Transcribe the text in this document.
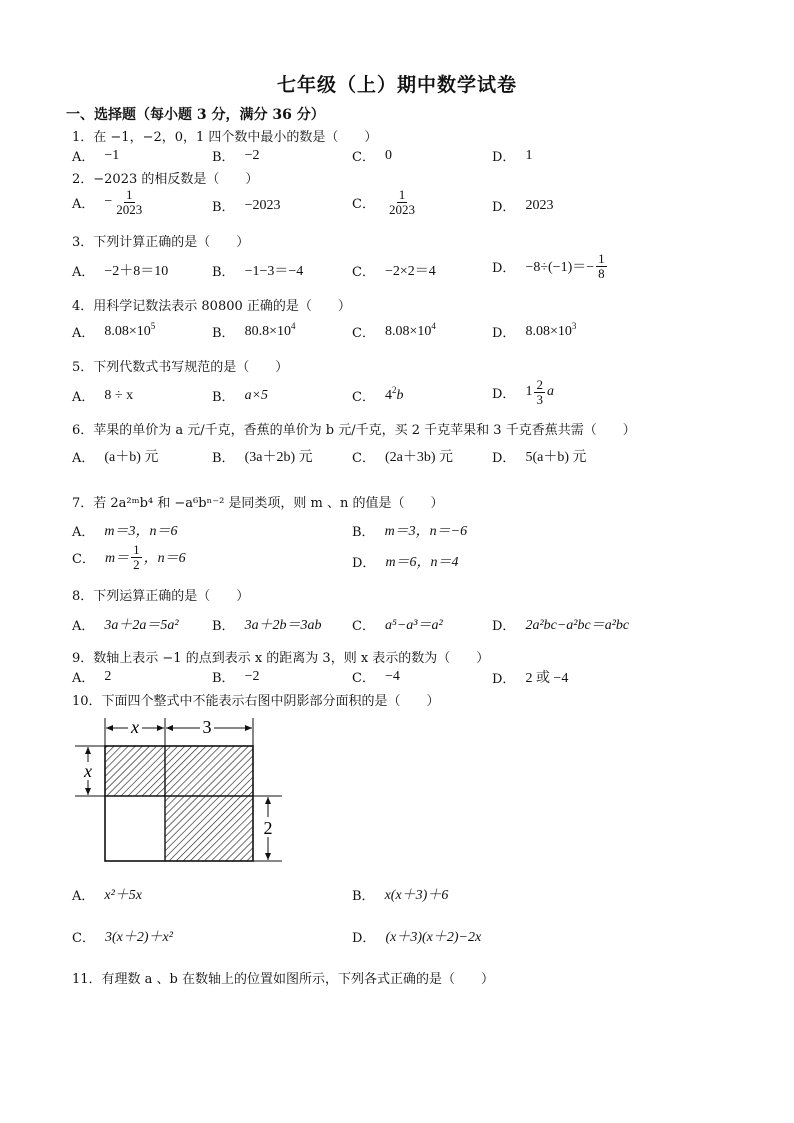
七年级（上）期中数学试卷
一、选择题（每小题 3 分，满分 36 分）
1．在 −1，−2，0，1 四个数中最小的数是（　　）
A． −1	B． −2	C． 0	D． 1
2．−2023 的相反数是（　　）
A． − $\frac{1}{2023}$	B． −2023	C． $\frac{1}{2023}$	D． 2023
3．下列计算正确的是（　　）
A． −2＋8＝10	B． −1−3＝−4	C． −2×2＝4	D． $-8\div(-1)=- \frac{1}{8}$
4．用科学记数法表示 80800 正确的是（　　）
A． $8.08\times 10^5$
B． $80.8\times 10^4$
C． $8.08\times 10^4$
D． $8.08\times 10^3$
5．下列代数式书写规范的是（　　）
A． 8 ÷ x	B． a×5	C． $4^2b$	D． $1 \frac{2}{3}$ a
6．苹果的单价为 a 元/千克，香蕉的单价为 b 元/千克，买 2 千克苹果和 3 千克香蕉共需（　　）
A． (a＋b) 元	B． (3a＋2b) 元	C． (2a＋3b) 元	D． 5(a＋b) 元
7．若 2a²ᵐb⁴ 和 −a⁶bⁿ⁻² 是同类项，则 m 、n 的值是（　　）
A． m＝3，n＝6	B． m＝3，n＝−6
C． $m= \frac{1}{2}$ ，n＝6	D． m＝6，n＝4
8．下列运算正确的是（　　）
A． 3a＋2a＝5a²	B． 3a＋2b＝3ab C． a⁵−a³＝a²	D． 2a²bc−a²bc＝a²bc
9．数轴上表示 −1 的点到表示 x 的距离为 3，则 x 表示的数为（　　）
A． 2	B． −2	C． −4	D． 2 或 −4
10．下面四个整式中不能表示右图中阴影部分面积的是（　　）
x	3
x
2
A． x²＋5x	B． x(x＋3)＋6
C． 3(x＋2)＋x²	D． (x＋3)(x＋2)−2x
11．有理数 a 、b 在数轴上的位置如图所示，下列各式正确的是（　　）
